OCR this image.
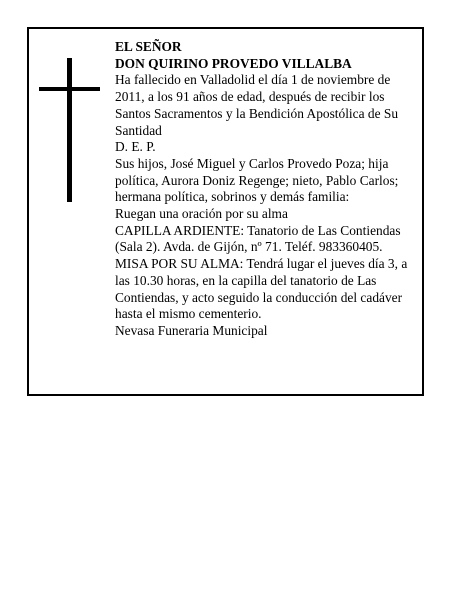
EL SEÑOR

DON QUIRINO PROVEDO VILLALBA

Ha fallecido en Valladolid el día 1 de noviembre de 2011, a los 91 años de edad, después de recibir los Santos Sacramentos y la Bendición Apostólica de Su Santidad

D. E. P.

Sus hijos, José Miguel y Carlos Provedo Poza; hija política, Aurora Doniz Regenge; nieto, Pablo Carlos; hermana política, sobrinos y demás familia:

Ruegan una oración por su alma

CAPILLA ARDIENTE: Tanatorio de Las Contiendas (Sala 2). Avda. de Gijón, nº 71. Teléf. 983360405.

MISA POR SU ALMA: Tendrá lugar el jueves día 3, a las 10.30 horas, en la capilla del tanatorio de Las Contiendas, y acto seguido la conducción del cadáver hasta el mismo cementerio.

Nevasa Funeraria Municipal
